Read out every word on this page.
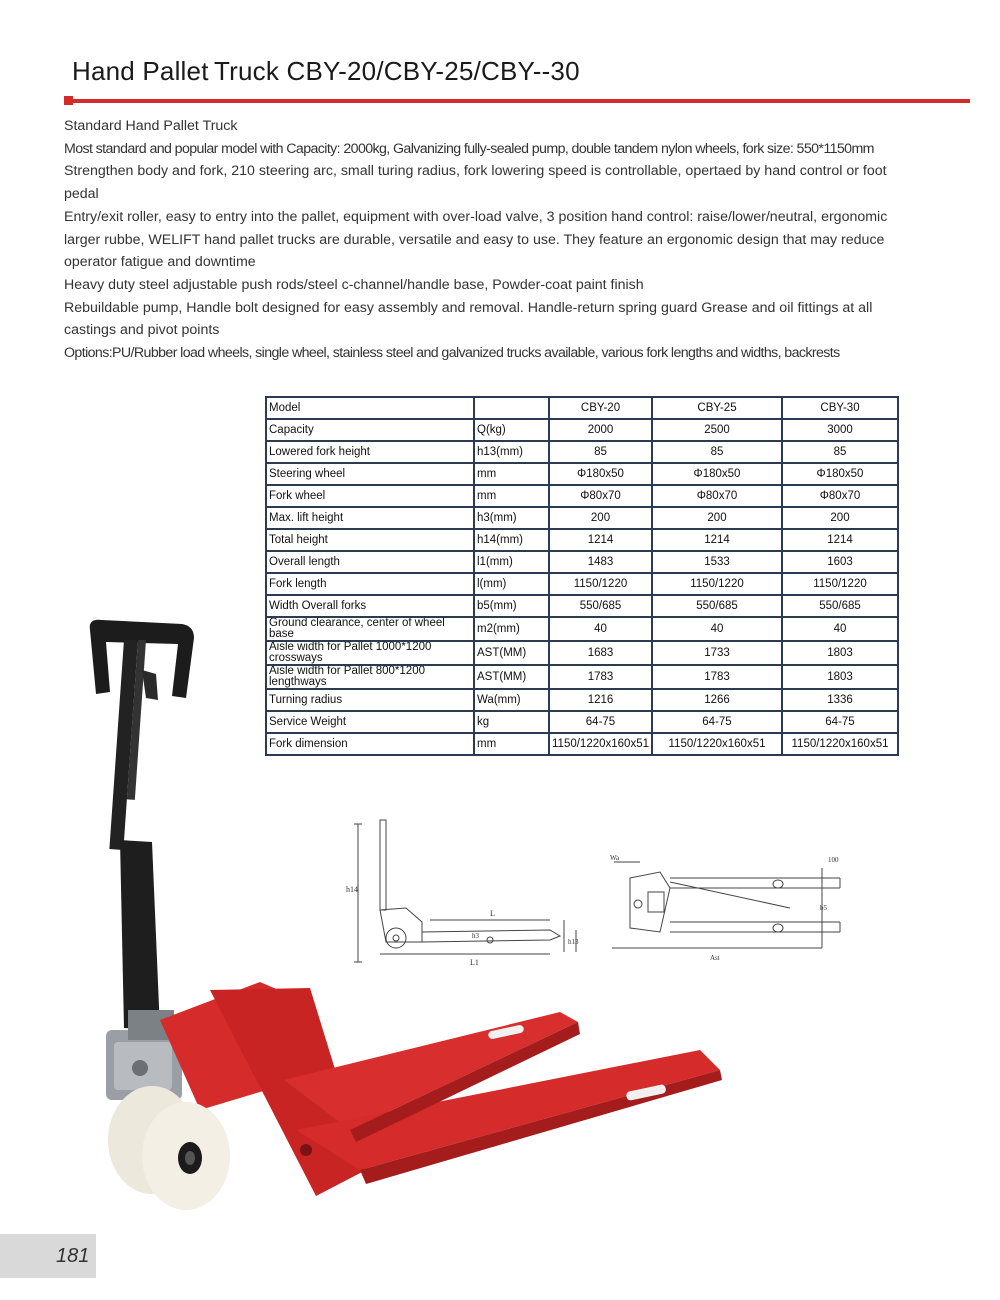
Hand Pallet Truck CBY-20/CBY-25/CBY--30

Standard Hand Pallet Truck

Most standard and popular model with Capacity: 2000kg, Galvanizing fully-sealed pump, double tandem nylon wheels, fork size: 550*1150mm

Strengthen body and fork, 210 steering arc, small turing radius, fork lowering speed is controllable, opertaed by hand control or foot pedal

Entry/exit roller, easy to entry into the pallet, equipment with over-load valve, 3 position hand control: raise/lower/neutral, ergonomic

larger rubbe, WELIFT hand pallet trucks are durable, versatile and easy to use. They feature an ergonomic design that may reduce

operator fatigue and downtime

Heavy duty steel adjustable push rods/steel c-channel/handle base, Powder-coat paint finish

Rebuildable pump, Handle bolt designed for easy assembly and removal. Handle-return spring guard Grease and oil fittings at all

castings and pivot points

Options:PU/Rubber load wheels, single wheel, stainless steel and galvanized trucks available, various fork lengths and widths, backrests

Model		CBY-20	CBY-25	CBY-30
Capacity	Q(kg)	2000	2500	3000
Lowered fork height	h13(mm)	85	85	85
Steering wheel	mm	Φ180x50	Φ180x50	Φ180x50
Fork wheel	mm	Φ80x70	Φ80x70	Φ80x70
Max. lift height	h3(mm)	200	200	200
Total height	h14(mm)	1214	1214	1214
Overall length	l1(mm)	1483	1533	1603
Fork length	l(mm)	1150/1220	1150/1220	1150/1220
Width Overall forks	b5(mm)	550/685	550/685	550/685
Ground clearance, center of wheel base	m2(mm)	40	40	40
Aisle width for Pallet 1000*1200 crossways	AST(MM)	1683	1733	1803
Aisle width for Pallet 800*1200 lengthways	AST(MM)	1783	1783	1803
Turning radius	Wa(mm)	1216	1266	1336
Service Weight	kg	64-75	64-75	64-75
Fork dimension	mm	1150/1220x160x51	1150/1220x160x51	1150/1220x160x51
h14
h3
h13
L
L1
Wa	100
b5
Ast
181
